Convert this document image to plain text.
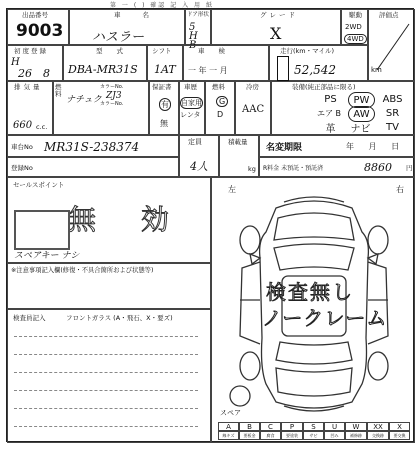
出品番号
9003
車名
ハスラー
ドア形状
5HB
グレード
X
駆動
2WD
4WD
評価点
初度登録
H
26 8
型式
DBA-MR31S
シフト
1AT
車検
一 年 一 月
走行(km・マイル)
52,542	km
排気量
660 c.c.
燃料
カラーNo.
ナチュク ZJ3
カラーNo.
保証書
有
無
車歴
自家用
レンタ
燃料
G
D
冷房
AAC
装備(純正部品に限る)
PS	PW	ABS
エア B	AW	SR
革	ナビ	TV
車台No MR31S-238374
登録No
定員
4人
積載量
kg
名変期限	年 月 日
R料金 未預託・預託済	8860 円
セールスポイント
無 効
スペアキー ナシ
※注意事項記入欄(修復・不具合箇所および状態等)
検査員記入	フロントガラス (A・飛石、X・要ズ)
左	右
検査無し
ノークレーム
スペア
A	B	C	P	S	U	W	XX	X
線キズ	要板金	腐食	要塗装	サビ	凹み	補修跡	交換跡	要交換
第 一 ( ) 確認 記 入 用 紙
